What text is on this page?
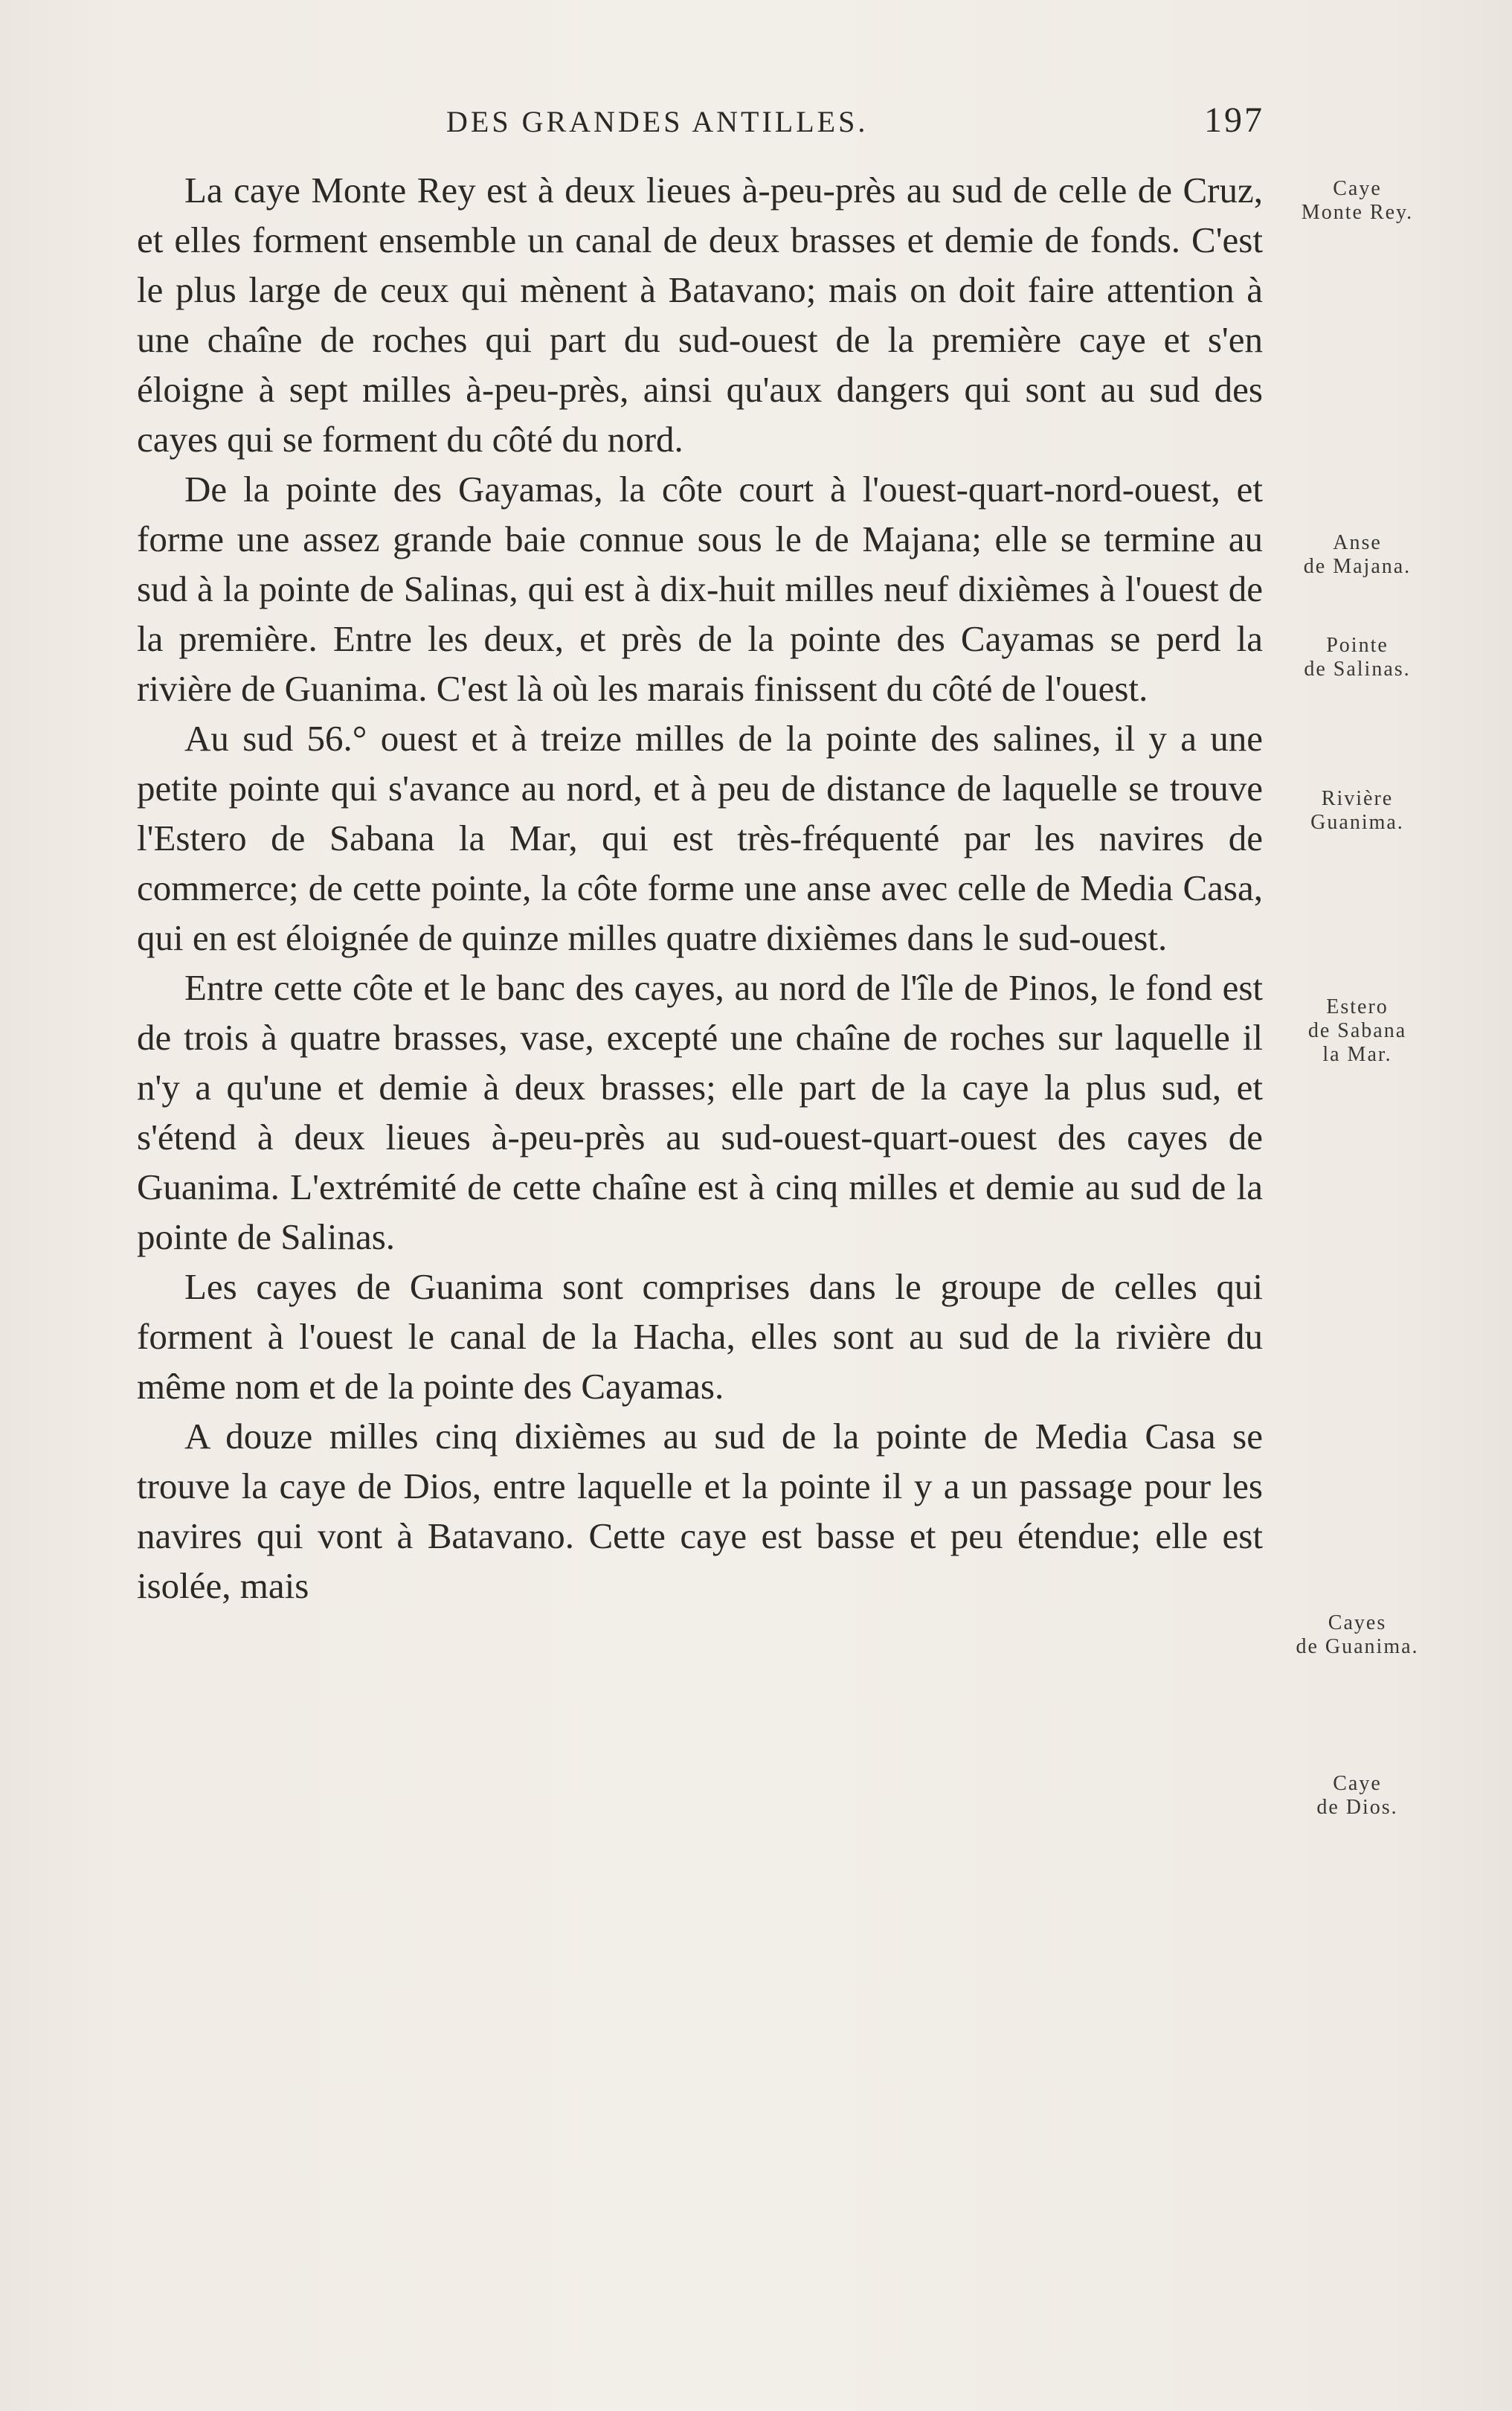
DES GRANDES ANTILLES.	197

La caye Monte Rey est à deux lieues à-peu-près au sud de celle de Cruz, et elles forment ensemble un canal de deux brasses et demie de fonds. C'est le plus large de ceux qui mènent à Batavano; mais on doit faire attention à une chaîne de roches qui part du sud-ouest de la première caye et s'en éloigne à sept milles à-peu-près, ainsi qu'aux dangers qui sont au sud des cayes qui se forment du côté du nord.

De la pointe des Gayamas, la côte court à l'ouest-quart-nord-ouest, et forme une assez grande baie connue sous le de Majana; elle se termine au sud à la pointe de Salinas, qui est à dix-huit milles neuf dixièmes à l'ouest de la première. Entre les deux, et près de la pointe des Cayamas se perd la rivière de Guanima. C'est là où les marais finissent du côté de l'ouest.

Au sud 56.° ouest et à treize milles de la pointe des salines, il y a une petite pointe qui s'avance au nord, et à peu de distance de laquelle se trouve l'Estero de Sabana la Mar, qui est très-fréquenté par les navires de commerce; de cette pointe, la côte forme une anse avec celle de Media Casa, qui en est éloignée de quinze milles quatre dixièmes dans le sud-ouest.

Entre cette côte et le banc des cayes, au nord de l'île de Pinos, le fond est de trois à quatre brasses, vase, excepté une chaîne de roches sur laquelle il n'y a qu'une et demie à deux brasses; elle part de la caye la plus sud, et s'étend à deux lieues à-peu-près au sud-ouest-quart-ouest des cayes de Guanima. L'extrémité de cette chaîne est à cinq milles et demie au sud de la pointe de Salinas.

Les cayes de Guanima sont comprises dans le groupe de celles qui forment à l'ouest le canal de la Hacha, elles sont au sud de la rivière du même nom et de la pointe des Cayamas.

A douze milles cinq dixièmes au sud de la pointe de Media Casa se trouve la caye de Dios, entre laquelle et la pointe il y a un passage pour les navires qui vont à Batavano. Cette caye est basse et peu étendue; elle est isolée, mais

Caye
Monte Rey.
Anse
de Majana.
Pointe
de Salinas.
Rivière
Guanima.
Estero
de Sabana
la Mar.
Cayes
de Guanima.
Caye
de Dios.
